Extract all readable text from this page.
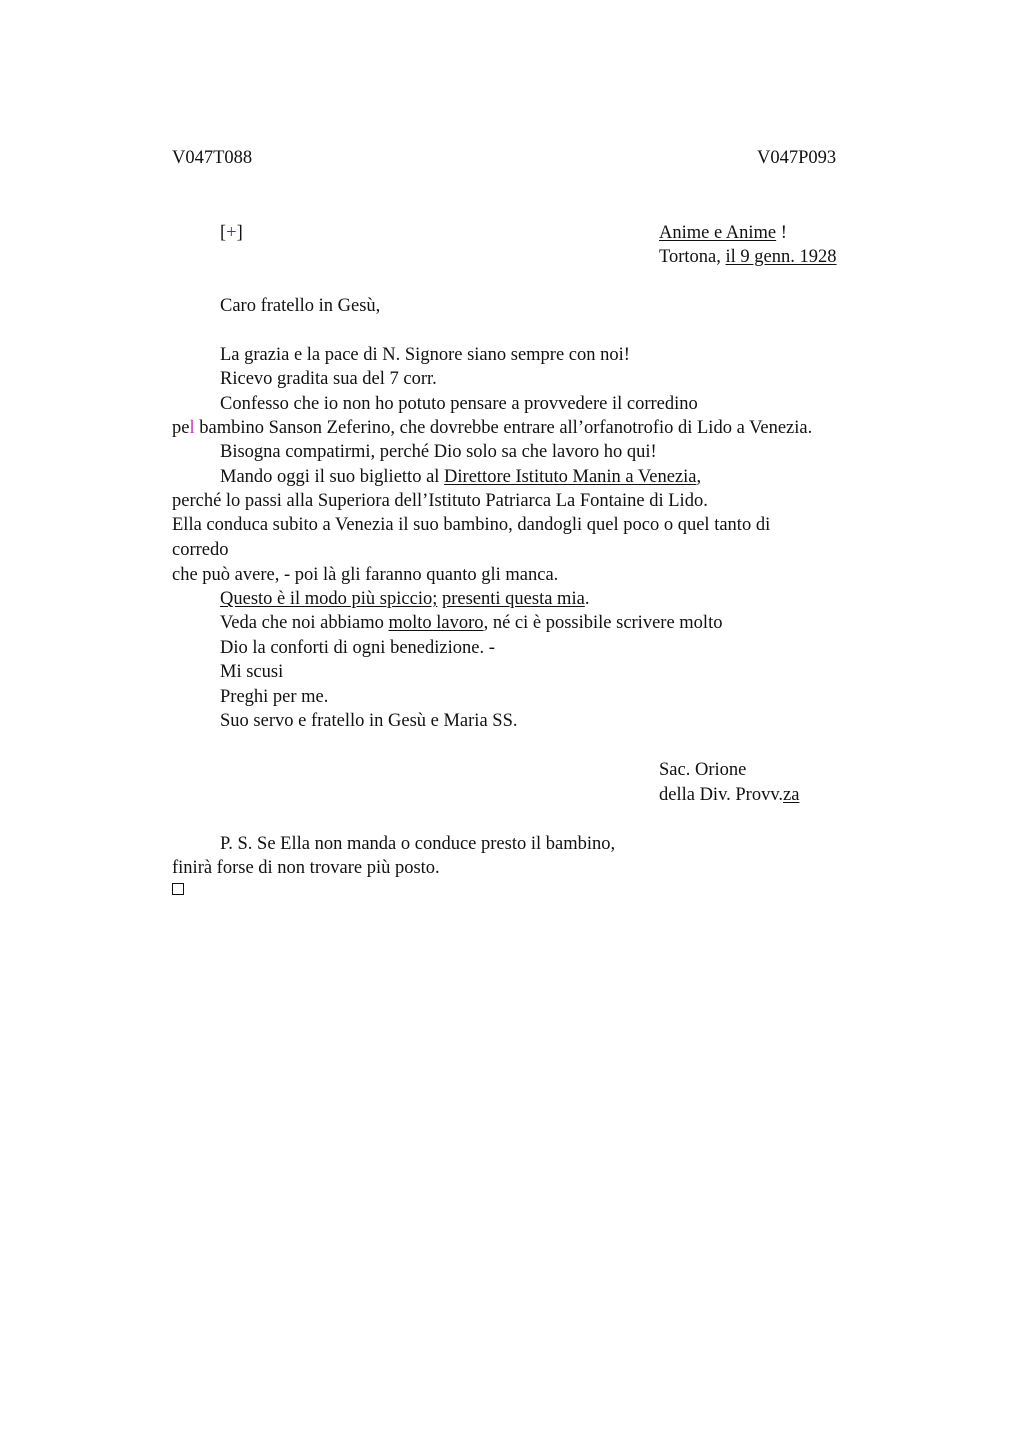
V047T088	V047P093
[+]	Anime e Anime !
Tortona, il 9 genn. 1928
Caro fratello in Gesù,
La grazia e la pace di N. Signore siano sempre con noi!
Ricevo gradita sua del 7 corr.
Confesso che io non ho potuto pensare a provvedere il corredino
pel bambino Sanson Zeferino, che dovrebbe entrare all’orfanotrofio di Lido a Venezia.
Bisogna compatirmi, perché Dio solo sa che lavoro ho qui!
Mando oggi il suo biglietto al Direttore Istituto Manin a Venezia,
perché lo passi alla Superiora dell’Istituto Patriarca La Fontaine di Lido.
Ella conduca subito a Venezia il suo bambino, dandogli quel poco o quel tanto di
corredo
che può avere, - poi là gli faranno quanto gli manca.
Questo è il modo più spiccio; presenti questa mia.
Veda che noi abbiamo molto lavoro, né ci è possibile scrivere molto
Dio la conforti di ogni benedizione. -
Mi scusi
Preghi per me.
Suo servo e fratello in Gesù e Maria SS.
Sac. Orione
della Div. Provv.za
P. S. Se Ella non manda o conduce presto il bambino,
finirà forse di non trovare più posto.
